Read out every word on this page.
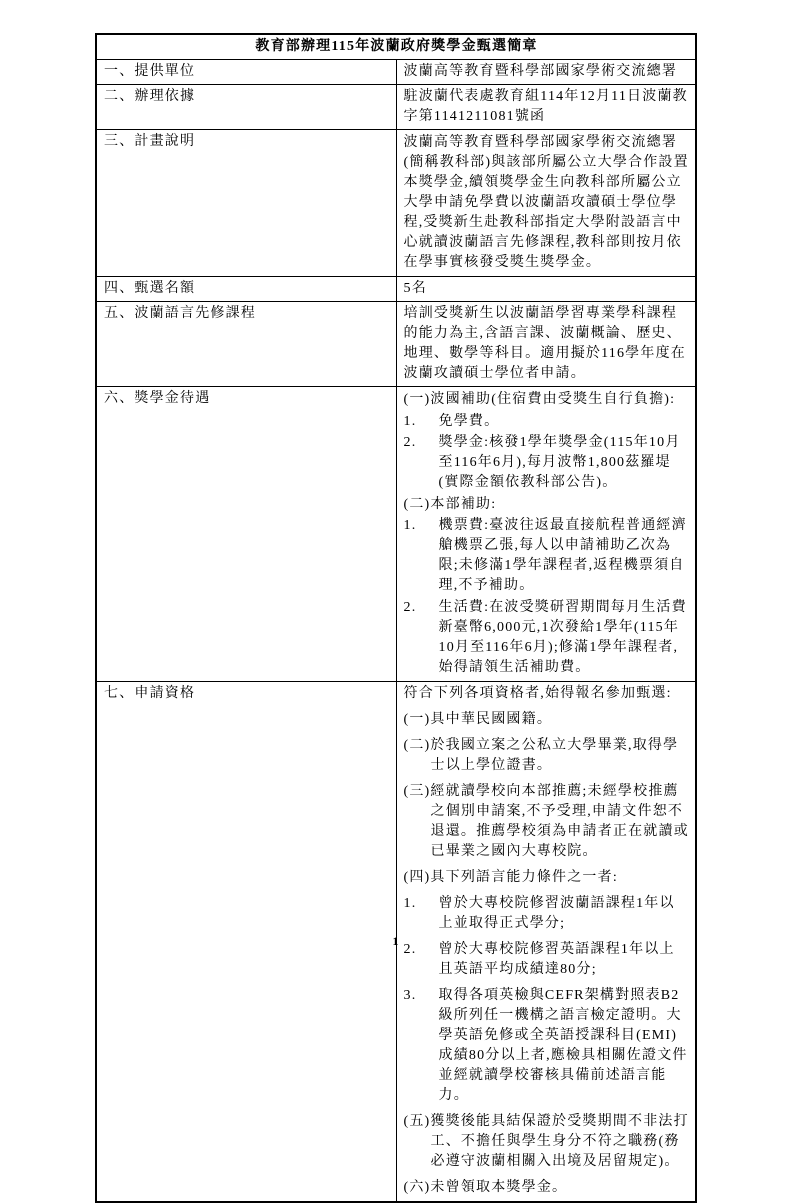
教育部辦理115年波蘭政府獎學金甄選簡章	
一、提供單位	波蘭高等教育暨科學部國家學術交流總署

二、辦理依據	駐波蘭代表處教育組114年12月11日波蘭教字第1141211081號函

三、計畫說明	波蘭高等教育暨科學部國家學術交流總署(簡稱教科部)與該部所屬公立大學合作設置本獎學金,續領獎學金生向教科部所屬公立大學申請免學費以波蘭語攻讀碩士學位學程,受獎新生赴教科部指定大學附設語言中心就讀波蘭語言先修課程,教科部則按月依在學事實核發受獎生獎學金。

四、甄選名額	5名

五、波蘭語言先修課程	培訓受獎新生以波蘭語學習專業學科課程的能力為主,含語言課、波蘭概論、歷史、地理、數學等科目。適用擬於116學年度在波蘭攻讀碩士學位者申請。

六、獎學金待遇	(一)波國補助(住宿費由受獎生自行負擔):
1.	免學費。
2.	獎學金:核發1學年獎學金(115年10月至116年6月),每月波幣1,800茲羅堤(實際金額依教科部公告)。
(二)本部補助:
1.	機票費:臺波往返最直接航程普通經濟艙機票乙張,每人以申請補助乙次為限;未修滿1學年課程者,返程機票須自理,不予補助。
2.	生活費:在波受獎研習期間每月生活費新臺幣6,000元,1次發給1學年(115年10月至116年6月);修滿1學年課程者,始得請領生活補助費。

七、申請資格	符合下列各項資格者,始得報名參加甄選:
(一)具中華民國國籍。
(二)於我國立案之公私立大學畢業,取得學士以上學位證書。
(三)經就讀學校向本部推薦;未經學校推薦之個別申請案,不予受理,申請文件恕不退還。推薦學校須為申請者正在就讀或已畢業之國內大專校院。
(四)具下列語言能力條件之一者:
1.	曾於大專校院修習波蘭語課程1年以上並取得正式學分;
2.	曾於大專校院修習英語課程1年以上且英語平均成績達80分;
3.	取得各項英檢與CEFR架構對照表B2級所列任一機構之語言檢定證明。大學英語免修或全英語授課科目(EMI)成績80分以上者,應檢具相關佐證文件並經就讀學校審核具備前述語言能力。
(五)獲獎後能具結保證於受獎期間不非法打工、不擔任與學生身分不符之職務(務必遵守波蘭相關入出境及居留規定)。
(六)未曾領取本獎學金。
1
